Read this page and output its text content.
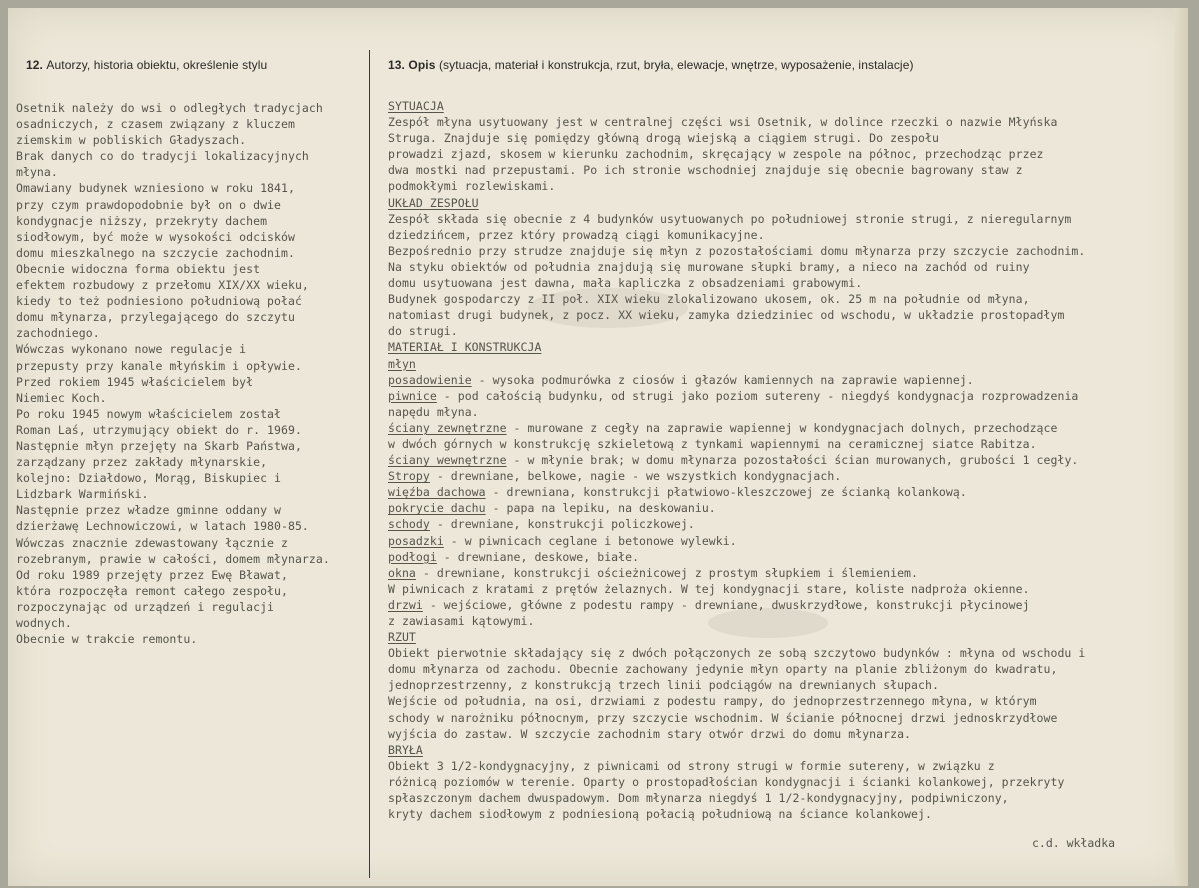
12. Autorzy, historia obiektu, określenie stylu	13. Opis (sytuacja, materiał i konstrukcja, rzut, bryła, elewacje, wnętrze, wyposażenie, instalacje)
Osetnik należy do wsi o odległych tradycjach
osadniczych, z czasem związany z kluczem
ziemskim w pobliskich Gładyszach.
Brak danych co do tradycji lokalizacyjnych
młyna.
Omawiany budynek wzniesiono w roku 1841,
przy czym prawdopodobnie był on o dwie
kondygnacje niższy, przekryty dachem
siodłowym, być może w wysokości odcisków
domu mieszkalnego na szczycie zachodnim.
Obecnie widoczna forma obiektu jest
efektem rozbudowy z przełomu XIX/XX wieku,
kiedy to też podniesiono południową połać
domu młynarza, przylegającego do szczytu
zachodniego.
Wówczas wykonano nowe regulacje i
przepusty przy kanale młyńskim i opływie.
Przed rokiem 1945 właścicielem był
Niemiec Koch.
Po roku 1945 nowym właścicielem został
Roman Laś, utrzymujący obiekt do r. 1969.
Następnie młyn przejęty na Skarb Państwa,
zarządzany przez zakłady młynarskie,
kolejno: Działdowo, Morąg, Biskupiec i
Lidzbark Warmiński.
Następnie przez władze gminne oddany w
dzierżawę Lechnowiczowi, w latach 1980-85.
Wówczas znacznie zdewastowany łącznie z
rozebranym, prawie w całości, domem młynarza.
Od roku 1989 przejęty przez Ewę Bławat,
która rozpoczęła remont całego zespołu,
rozpoczynając od urządzeń i regulacji
wodnych.
Obecnie w trakcie remontu.
SYTUACJA
Zespół młyna usytuowany jest w centralnej części wsi Osetnik, w dolince rzeczki o nazwie Młyńska
Struga. Znajduje się pomiędzy główną drogą wiejską a ciągiem strugi. Do zespołu
prowadzi zjazd, skosem w kierunku zachodnim, skręcający w zespole na północ, przechodząc przez
dwa mostki nad przepustami. Po ich stronie wschodniej znajduje się obecnie bagrowany staw z
podmokłymi rozlewiskami.
UKŁAD ZESPOŁU
Zespół składa się obecnie z 4 budynków usytuowanych po południowej stronie strugi, z nieregularnym
dziedzińcem, przez który prowadzą ciągi komunikacyjne.
Bezpośrednio przy strudze znajduje się młyn z pozostałościami domu młynarza przy szczycie zachodnim.
Na styku obiektów od południa znajdują się murowane słupki bramy, a nieco na zachód od ruiny
domu usytuowana jest dawna, mała kapliczka z obsadzeniami grabowymi.
Budynek gospodarczy z II poł. XIX wieku zlokalizowano ukosem, ok. 25 m na południe od młyna,
natomiast drugi budynek, z pocz. XX wieku, zamyka dziedziniec od wschodu, w układzie prostopadłym
do strugi.
MATERIAŁ I KONSTRUKCJA
młyn
posadowienie - wysoka podmurówka z ciosów i głazów kamiennych na zaprawie wapiennej.
piwnice - pod całością budynku, od strugi jako poziom sutereny - niegdyś kondygnacja rozprowadzenia
napędu młyna.
ściany zewnętrzne - murowane z cegły na zaprawie wapiennej w kondygnacjach dolnych, przechodzące
w dwóch górnych w konstrukcję szkieletową z tynkami wapiennymi na ceramicznej siatce Rabitza.
ściany wewnętrzne - w młynie brak; w domu młynarza pozostałości ścian murowanych, grubości 1 cegły.
Stropy - drewniane, belkowe, nagie - we wszystkich kondygnacjach.
więźba dachowa - drewniana, konstrukcji płatwiowo-kleszczowej ze ścianką kolankową.
pokrycie dachu - papa na lepiku, na deskowaniu.
schody - drewniane, konstrukcji policzkowej.
posadzki - w piwnicach ceglane i betonowe wylewki.
podłogi - drewniane, deskowe, białe.
okna - drewniane, konstrukcji ościeżnicowej z prostym słupkiem i ślemieniem.
W piwnicach z kratami z prętów żelaznych. W tej kondygnacji stare, koliste nadproża okienne.
drzwi - wejściowe, główne z podestu rampy - drewniane, dwuskrzydłowe, konstrukcji płycinowej
z zawiasami kątowymi.
RZUT
Obiekt pierwotnie składający się z dwóch połączonych ze sobą szczytowo budynków : młyna od wschodu i
domu młynarza od zachodu. Obecnie zachowany jedynie młyn oparty na planie zbliżonym do kwadratu,
jednoprzestrzenny, z konstrukcją trzech linii podciągów na drewnianych słupach.
Wejście od południa, na osi, drzwiami z podestu rampy, do jednoprzestrzennego młyna, w którym
schody w narożniku północnym, przy szczycie wschodnim. W ścianie północnej drzwi jednoskrzydłowe
wyjścia do zastaw. W szczycie zachodnim stary otwór drzwi do domu młynarza.
BRYŁA
Obiekt 3 1/2-kondygnacyjny, z piwnicami od strony strugi w formie sutereny, w związku z
różnicą poziomów w terenie. Oparty o prostopadłościan kondygnacji i ścianki kolankowej, przekryty
spłaszczonym dachem dwuspadowym. Dom młynarza niegdyś 1 1/2-kondygnacyjny, podpiwniczony,
kryty dachem siodłowym z podniesioną połacią południową na ściance kolankowej.
c.d. wkładka
